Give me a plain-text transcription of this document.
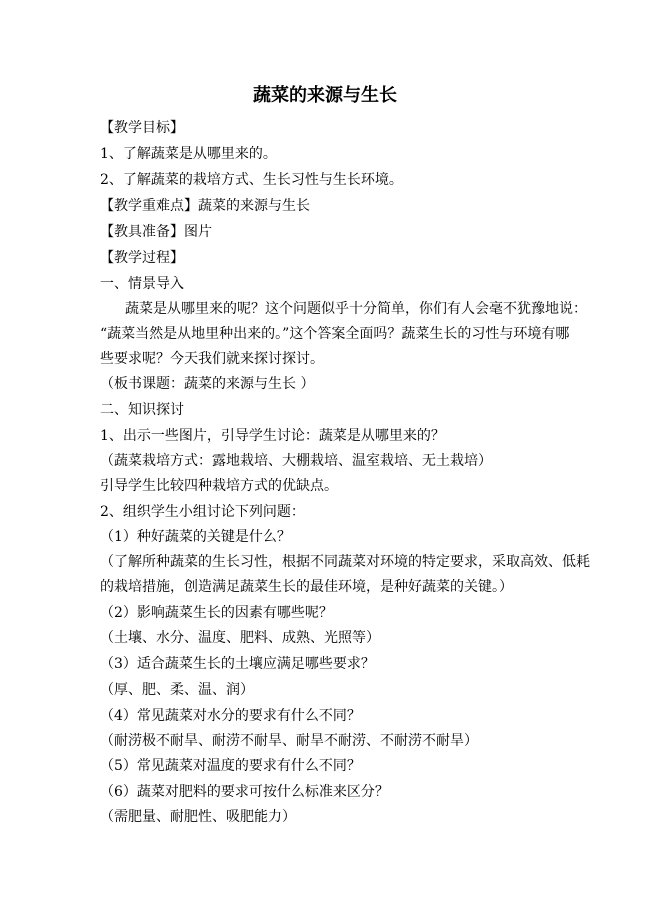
蔬菜的来源与生长
【教学目标】
1、了解蔬菜是从哪里来的。
2、了解蔬菜的栽培方式、生长习性与生长环境。
【教学重难点】蔬菜的来源与生长
【教具准备】图片
【教学过程】
一、情景导入
蔬菜是从哪里来的呢？这个问题似乎十分简单，你们有人会毫不犹豫地说：
“蔬菜当然是从地里种出来的。”这个答案全面吗？蔬菜生长的习性与环境有哪
些要求呢？今天我们就来探讨探讨。
（板书课题：蔬菜的来源与生长 ）
二、知识探讨
1、出示一些图片，引导学生讨论：蔬菜是从哪里来的？
（蔬菜栽培方式：露地栽培、大棚栽培、温室栽培、无土栽培）
引导学生比较四种栽培方式的优缺点。
2、组织学生小组讨论下列问题：
（1）种好蔬菜的关键是什么？
（了解所种蔬菜的生长习性，根据不同蔬菜对环境的特定要求，采取高效、低耗
的栽培措施，创造满足蔬菜生长的最佳环境，是种好蔬菜的关键。）
（2）影响蔬菜生长的因素有哪些呢？
（土壤、水分、温度、肥料、成熟、光照等）
（3）适合蔬菜生长的土壤应满足哪些要求？
（厚、肥、柔、温、润）
（4）常见蔬菜对水分的要求有什么不同？
（耐涝极不耐旱、耐涝不耐旱、耐旱不耐涝、不耐涝不耐旱）
（5）常见蔬菜对温度的要求有什么不同？
（6）蔬菜对肥料的要求可按什么标准来区分？
（需肥量、耐肥性、吸肥能力）
